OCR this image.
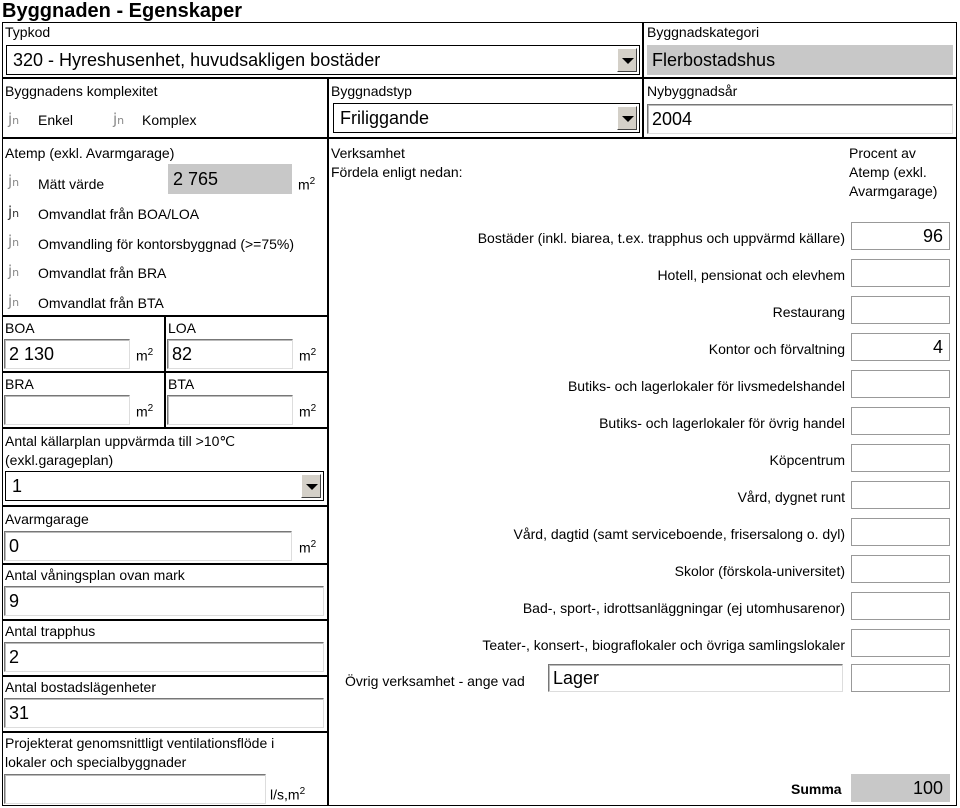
Byggnaden - Egenskaper
Typkod
320 - Hyreshusenhet, huvudsakligen bostäder
Byggnadskategori
Flerbostadshus
Byggnadens komplexitet
jn Enkel	jn Komplex
Byggnadstyp
Friliggande
Nybyggnadsår
2004
Atemp (exkl. Avarmgarage)
jn Mätt värde	2 765	$m^2$
jn Omvandlat från BOA/LOA
jn Omvandling för kontorsbyggnad (>=75%)
jn Omvandlat från BRA
jn Omvandlat från BTA
BOA
2 130	$m^2$
LOA
82	$m^2$
BRA
$m^2$
BTA
$m^2$
Antal källarplan uppvärmda till >10℃
(exkl.garageplan)
1
Avarmgarage
0	$m^2$
Antal våningsplan ovan mark
9
Antal trapphus
2
Antal bostadslägenheter
31
Projekterat genomsnittligt ventilationsflöde i
lokaler och specialbyggnader
$l/s,m^2$
Verksamhet
Fördela enligt nedan:
Procent av
Atemp (exkl.
Avarmgarage)
Bostäder (inkl. biarea, t.ex. trapphus och uppvärmd källare)	96
Hotell, pensionat och elevhem
Restaurang
Kontor och förvaltning	4
Butiks- och lagerlokaler för livsmedelshandel
Butiks- och lagerlokaler för övrig handel
Köpcentrum
Vård, dygnet runt
Vård, dagtid (samt serviceboende, frisersalong o. dyl)
Skolor (förskola-universitet)
Bad-, sport-, idrottsanläggningar (ej utomhusarenor)
Teater-, konsert-, biograflokaler och övriga samlingslokaler
Övrig verksamhet - ange vad Lager
Summa	100
